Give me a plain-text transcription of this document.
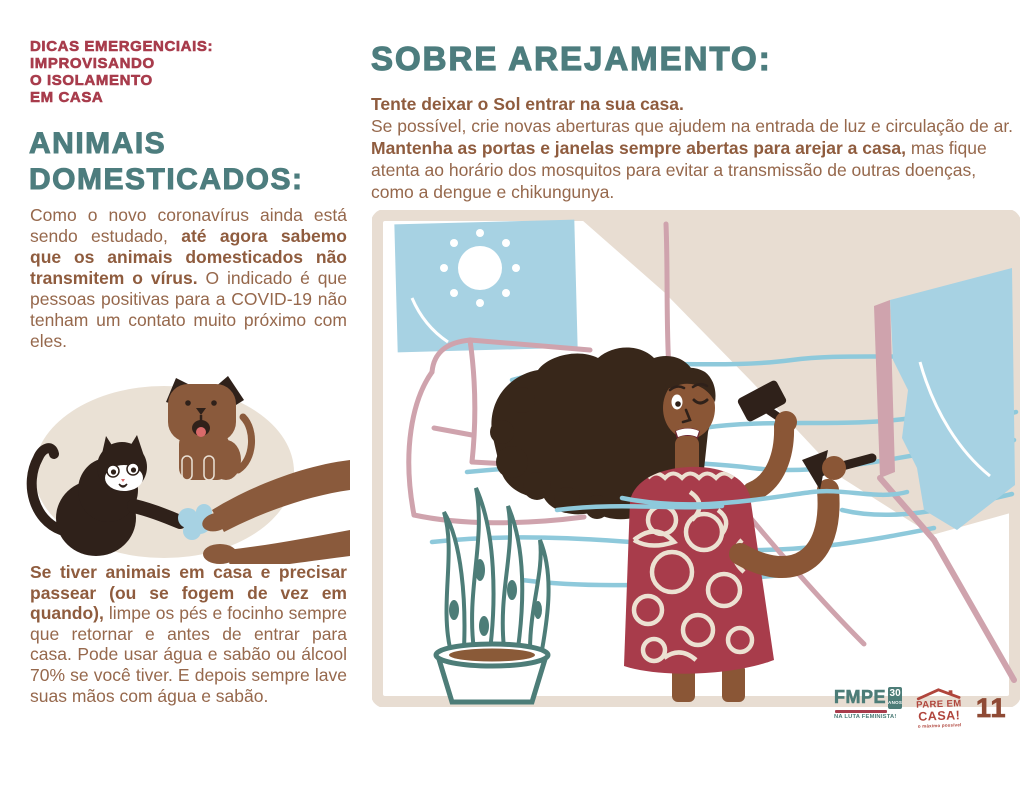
DICAS EMERGENCIAIS:
IMPROVISANDO
O ISOLAMENTO
EM CASA
ANIMAIS
DOMESTICADOS:
Como o novo coronavírus ainda está sendo estudado, até agora sabemo que os animais domesticados não transmitem o vírus. O indicado é que pessoas positivas para a COVID-19 não tenham um contato muito próximo com eles.
Se tiver animais em casa e precisar passear (ou se fogem de vez em quando), limpe os pés e focinho sempre que retornar e antes de entrar para casa. Pode usar água e sabão ou álcool 70% se você tiver. E depois sempre lave suas mãos com água e sabão.
SOBRE AREJAMENTO:
Tente deixar o Sol entrar na sua casa.
Se possível, crie novas aberturas que ajudem na entrada de luz e circulação de ar. Mantenha as portas e janelas sempre abertas para arejar a casa, mas fique atenta ao horário dos mosquitos para evitar a transmissão de outras doenças, como a dengue e chikungunya.
FMPE 30
ANOS
NA LUTA FEMINISTA!
PARE EM
CASA!
o máximo possível
11
